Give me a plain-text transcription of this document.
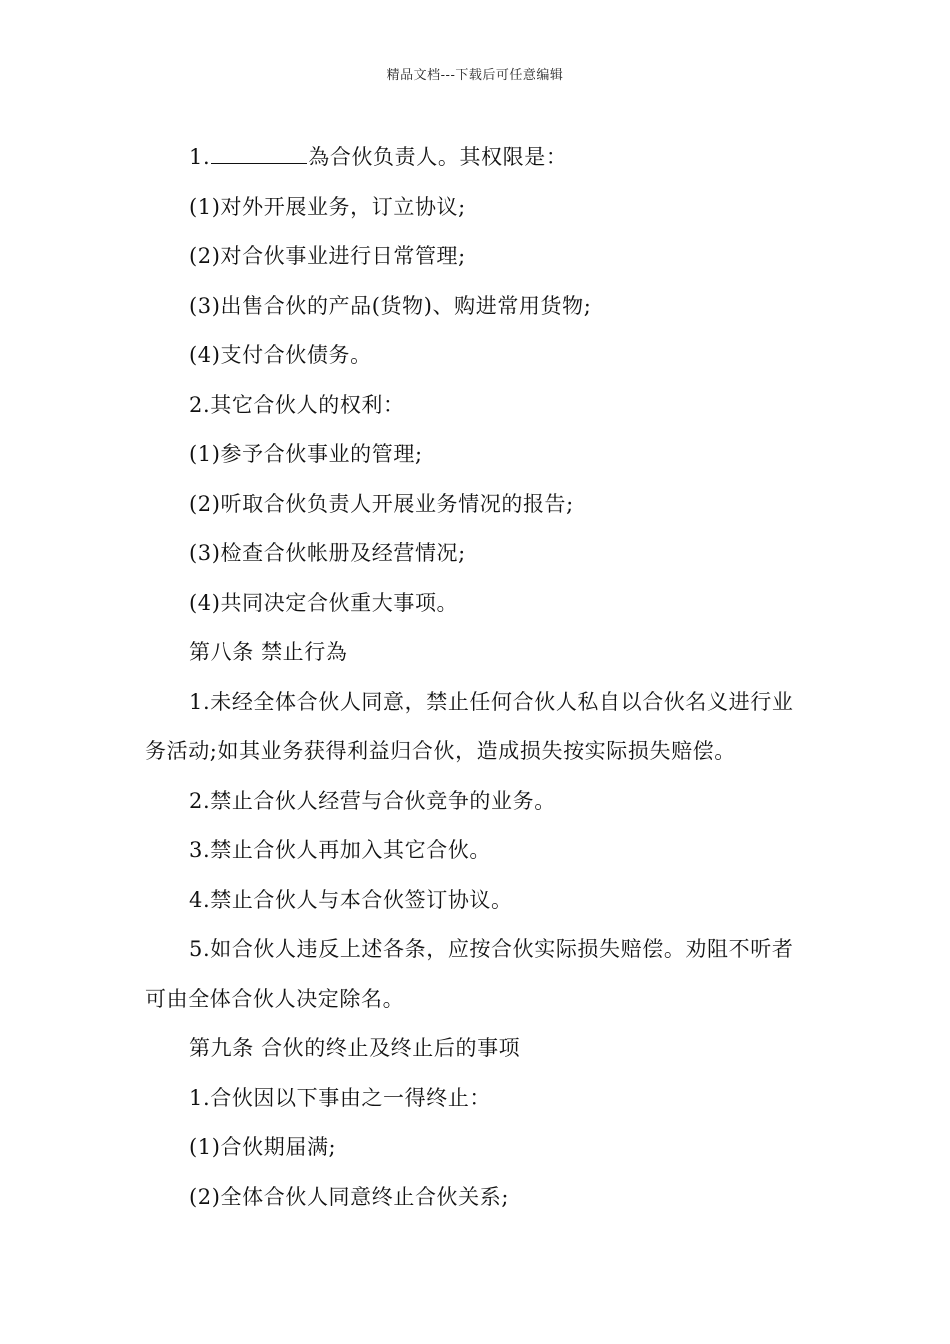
精品文档---下载后可任意编辑

1.	為合伙负责人。其权限是：

(1)对外开展业务，订立协议;

(2)对合伙事业进行日常管理;

(3)出售合伙的产品(货物)、购进常用货物;

(4)支付合伙债务。

2.其它合伙人的权利：

(1)参予合伙事业的管理;

(2)听取合伙负责人开展业务情况的报告;

(3)检查合伙帐册及经营情况;

(4)共同决定合伙重大事项。

第八条 禁止行為

1.未经全体合伙人同意，禁止任何合伙人私自以合伙名义进行业务活动;如其业务获得利益归合伙，造成损失按实际损失赔偿。

2.禁止合伙人经营与合伙竞争的业务。

3.禁止合伙人再加入其它合伙。

4.禁止合伙人与本合伙签订协议。

5.如合伙人违反上述各条，应按合伙实际损失赔偿。劝阻不听者可由全体合伙人决定除名。

第九条 合伙的终止及终止后的事项

1.合伙因以下事由之一得终止：

(1)合伙期届满;

(2)全体合伙人同意终止合伙关系;
